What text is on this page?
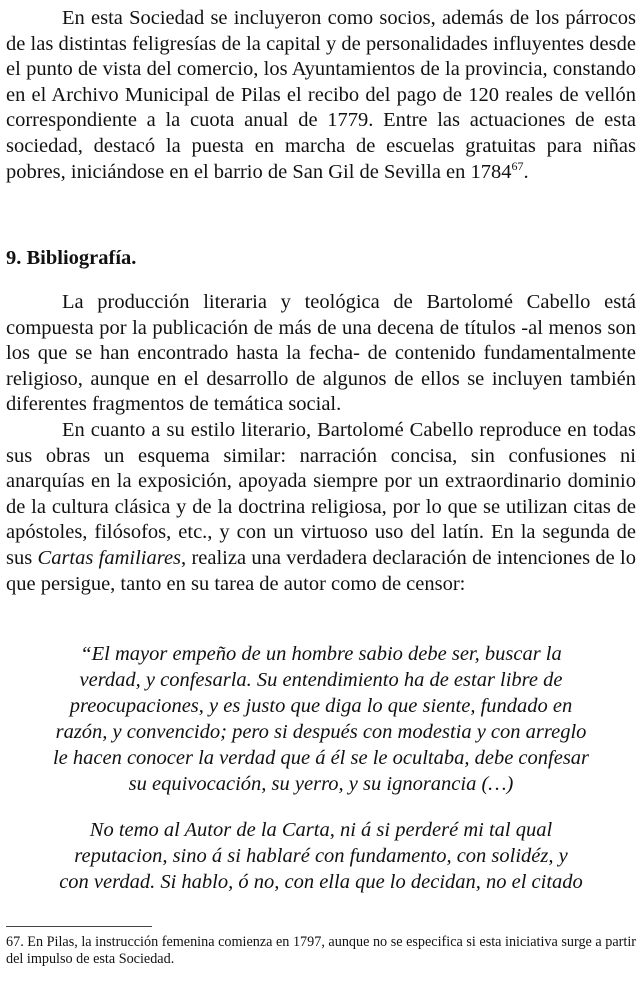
En esta Sociedad se incluyeron como socios, además de los párrocos de las distintas feligresías de la capital y de personalidades influyentes desde el punto de vista del comercio, los Ayuntamientos de la provincia, constando en el Archivo Municipal de Pilas el recibo del pago de 120 reales de vellón correspondiente a la cuota anual de 1779. Entre las actuaciones de esta sociedad, destacó la puesta en marcha de escuelas gratuitas para niñas pobres, iniciándose en el barrio de San Gil de Sevilla en 1784$^{67}$.

9. Bibliografía.

La producción literaria y teológica de Bartolomé Cabello está compuesta por la publicación de más de una decena de títulos -al menos son los que se han encontrado hasta la fecha- de contenido fundamentalmente religioso, aunque en el desarrollo de algunos de ellos se incluyen también diferentes fragmentos de temática social.

En cuanto a su estilo literario, Bartolomé Cabello reproduce en todas sus obras un esquema similar: narración concisa, sin confusiones ni anarquías en la exposición, apoyada siempre por un extraordinario dominio de la cultura clásica y de la doctrina religiosa, por lo que se utilizan citas de apóstoles, filósofos, etc., y con un virtuoso uso del latín. En la segunda de sus Cartas familiares, realiza una verdadera declaración de intenciones de lo que persigue, tanto en su tarea de autor como de censor:

“El mayor empeño de un hombre sabio debe ser, buscar la
verdad, y confesarla. Su entendimiento ha de estar libre de
preocupaciones, y es justo que diga lo que siente, fundado en
razón, y convencido; pero si después con modestia y con arreglo
le hacen conocer la verdad que á él se le ocultaba, debe confesar
su equivocación, su yerro, y su ignorancia (…)
No temo al Autor de la Carta, ni á si perderé mi tal qual
reputacion, sino á si hablaré con fundamento, con solidéz, y
con verdad. Si hablo, ó no, con ella que lo decidan, no el citado

67. En Pilas, la instrucción femenina comienza en 1797, aunque no se especifica si esta iniciativa surge a partir del impulso de esta Sociedad.
